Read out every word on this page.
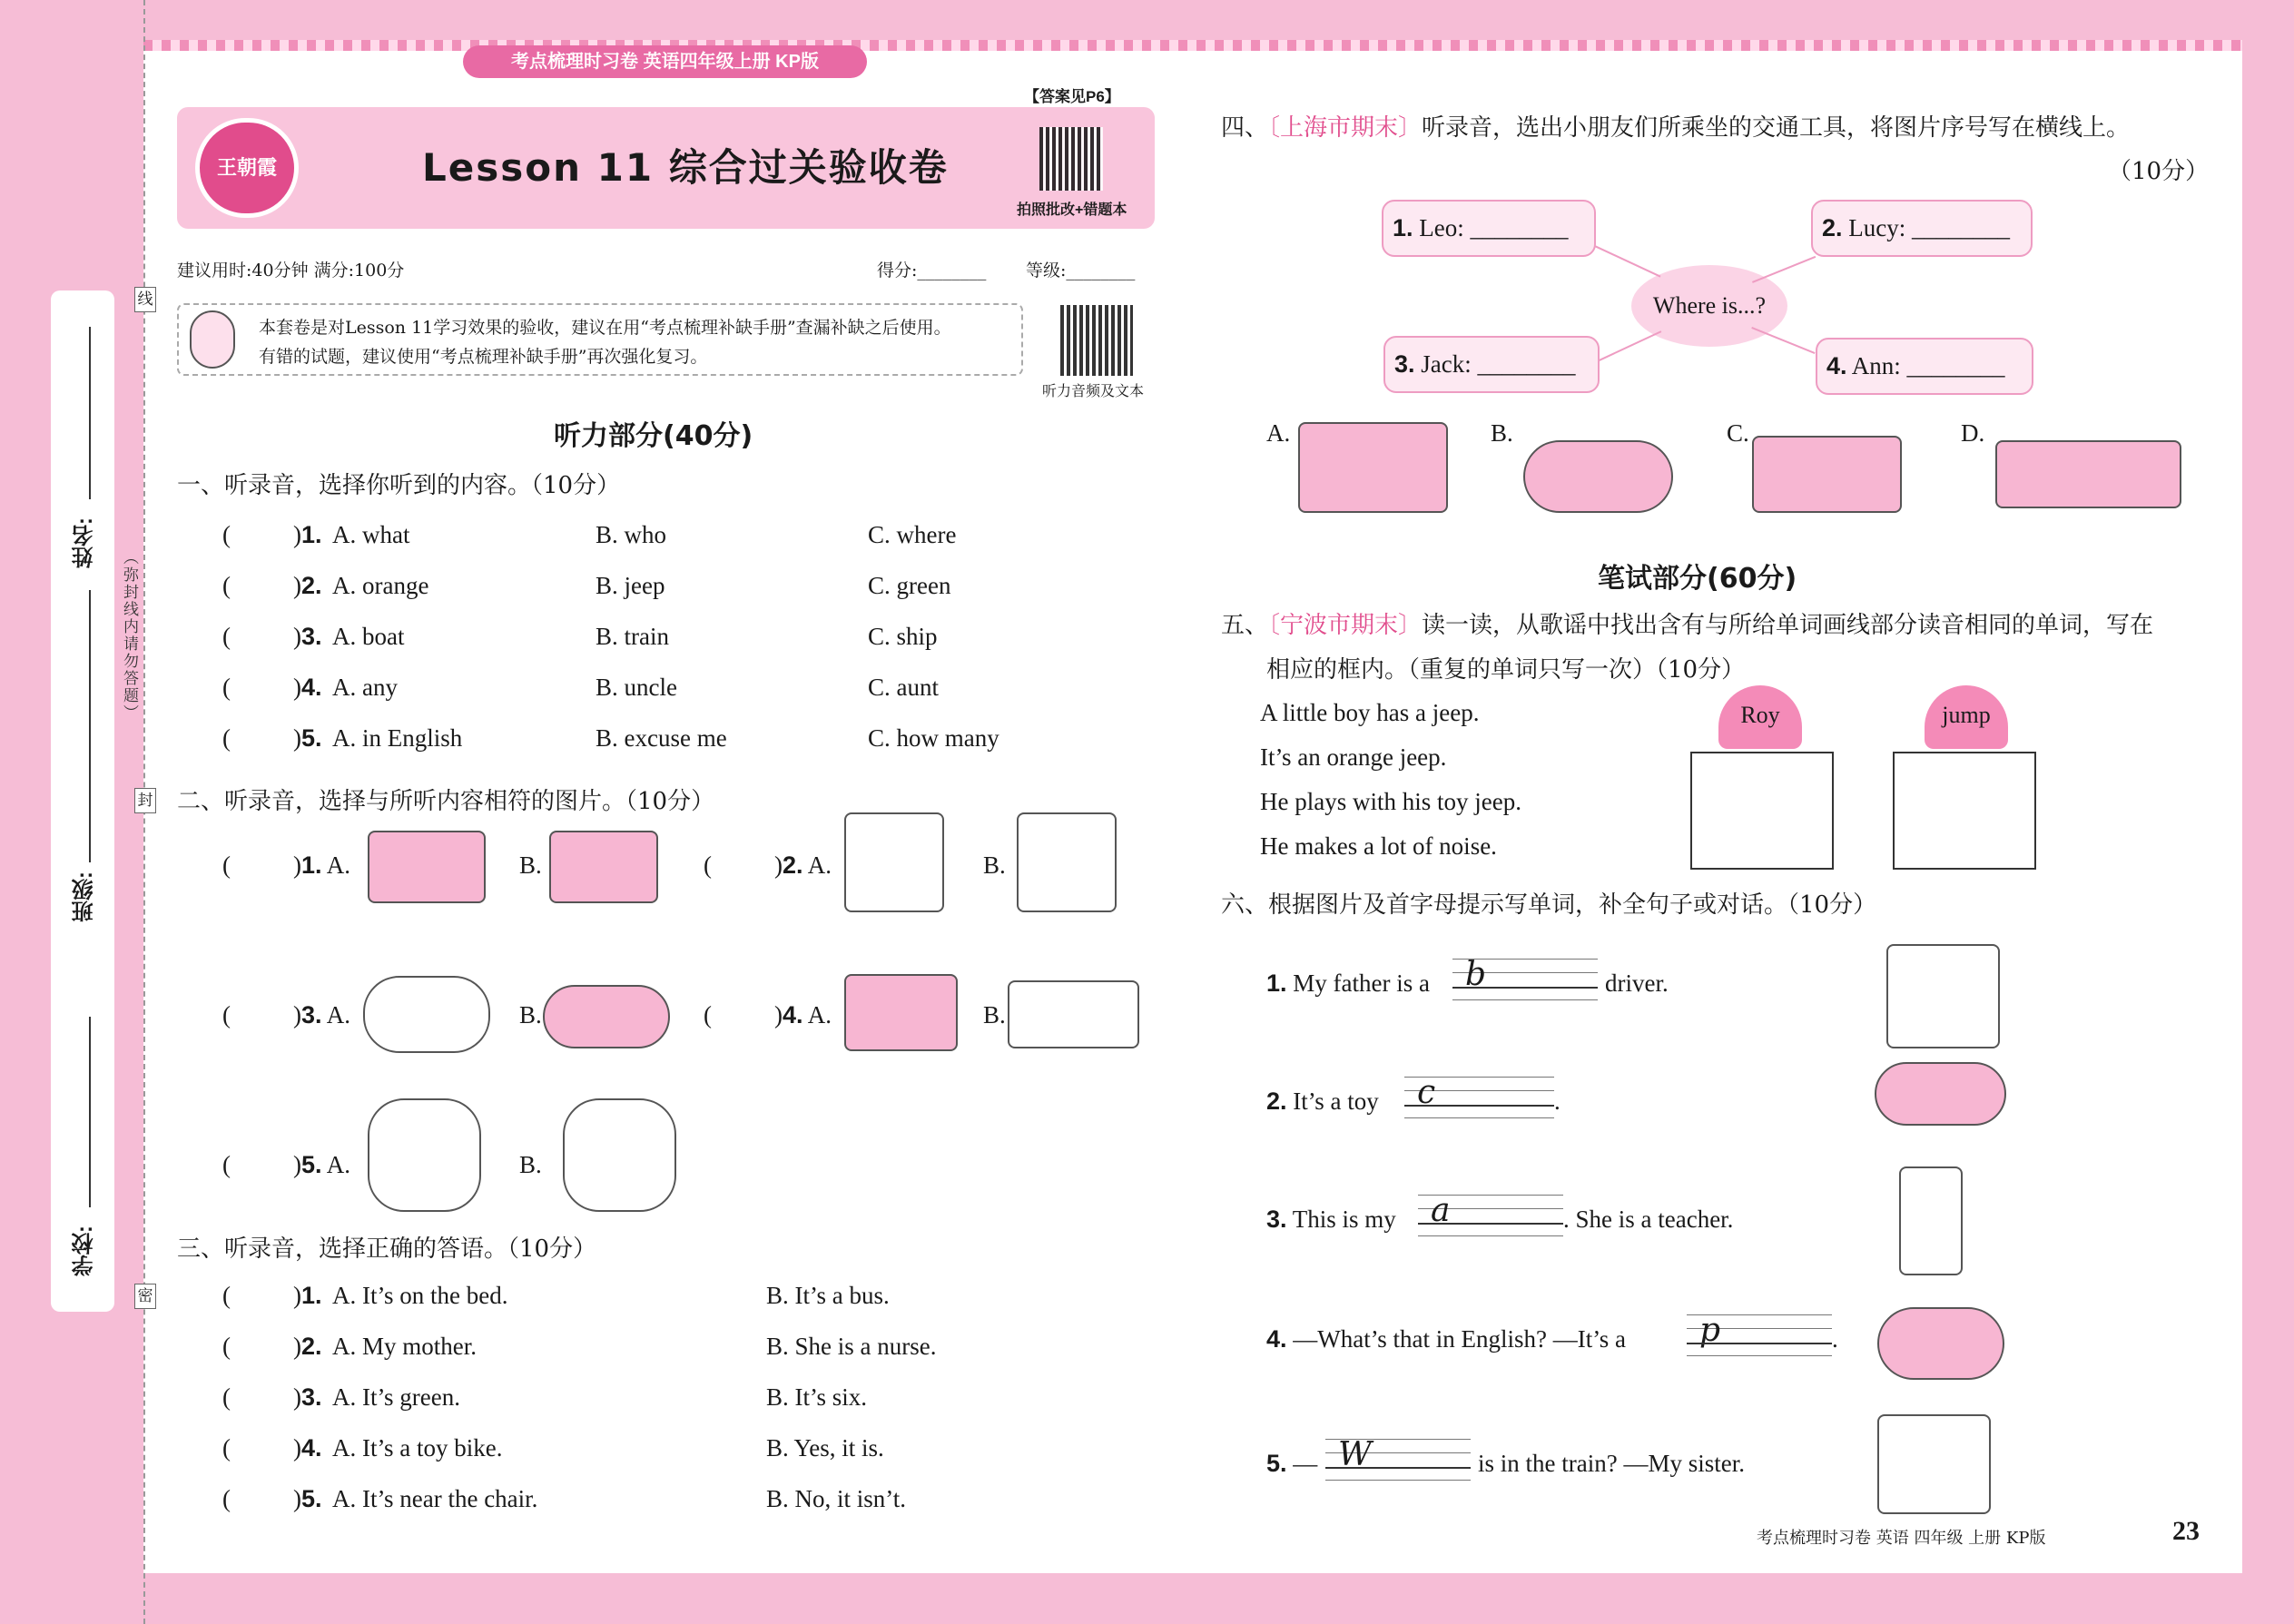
姓名:
班级:
学校:
线
封
密
（弥封线内请勿答题）
考点梳理时习卷 英语四年级上册 KP版
【答案见P6】
王朝霞	Lesson 11 综合过关验收卷
拍照批改+错题本
建议用时:40分钟 满分:100分	得分:________ 等级:________
本套卷是对Lesson 11学习效果的验收，建议在用“考点梳理补缺手册”查漏补缺之后使用。
有错的试题，建议使用“考点梳理补缺手册”再次强化复习。
听力音频及文本
听力部分(40分)
一、听录音，选择你听到的内容。（10分）
(	)1. A. what	B. who	C. where
(	)2. A. orange	B. jeep	C. green
(	)3. A. boat	B. train	C. ship
(	)4. A. any	B. uncle	C. aunt
(	)5. A. in English	B. excuse me	C. how many
二、听录音，选择与所听内容相符的图片。（10分）
(	)1. A.	B.	(	)2. A.	B.
(	)3. A.	B.	(	)4. A.	B.
(	)5. A.	B.
三、听录音，选择正确的答语。（10分）
(	)1. A. It’s on the bed.	B. It’s a bus.
(	)2. A. My mother.	B. She is a nurse.
(	)3. A. It’s green.	B. It’s six.
(	)4. A. It’s a toy bike.	B. Yes, it is.
(	)5. A. It’s near the chair.	B. No, it isn’t.
四、〔上海市期末〕听录音，选出小朋友们所乘坐的交通工具，将图片序号写在横线上。
（10分）
Where is...?
1. Leo: ________	2. Lucy: ________
3. Jack: ________	4. Ann: ________
A.	B.	C.	D.
笔试部分(60分)
五、〔宁波市期末〕读一读，从歌谣中找出含有与所给单词画线部分读音相同的单词，写在
相应的框内。（重复的单词只写一次）（10分）
A little boy has a jeep.
It’s an orange jeep.
He plays with his toy jeep.
He makes a lot of noise.
Roy	jump
六、根据图片及首字母提示写单词，补全句子或对话。（10分）
1. My father is a b	driver.
2. It’s a toy c	.
3. This is my a	. She is a teacher.
4. —What’s that in English? —It’s a p	.
5. — W	is in the train? —My sister.
考点梳理时习卷 英语 四年级 上册 KP版	23
